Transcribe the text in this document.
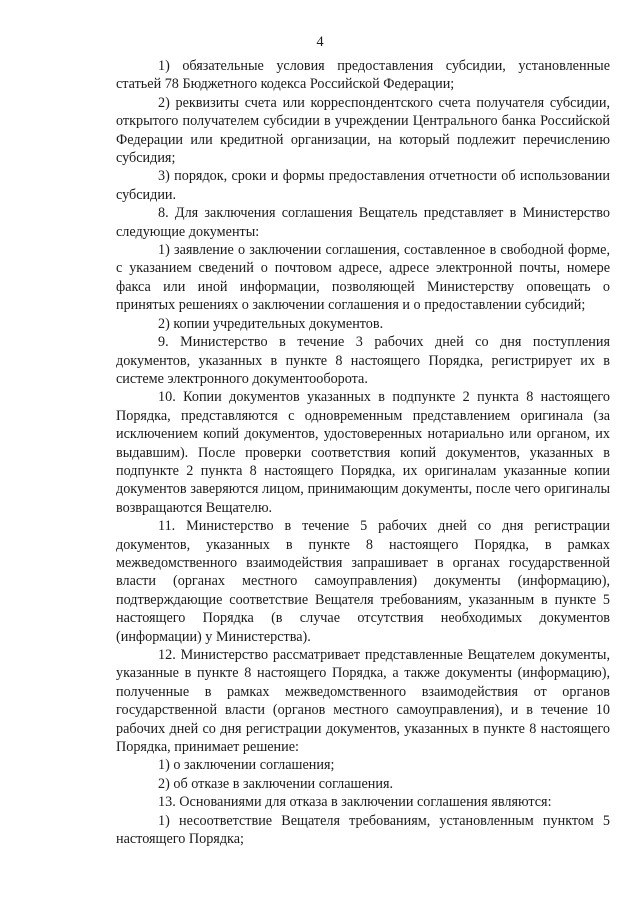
4

1) обязательные условия предоставления субсидии, установленные статьей 78 Бюджетного кодекса Российской Федерации;

2) реквизиты счета или корреспондентского счета получателя субсидии, открытого получателем субсидии в учреждении Центрального банка Российской Федерации или кредитной организации, на который подлежит перечислению субсидия;

3) порядок, сроки и формы предоставления отчетности об использовании субсидии.

8. Для заключения соглашения Вещатель представляет в Министерство следующие документы:

1) заявление о заключении соглашения, составленное в свободной форме, с указанием сведений о почтовом адресе, адресе электронной почты, номере факса или иной информации, позволяющей Министерству оповещать о принятых решениях о заключении соглашения и о предоставлении субсидий;

2) копии учредительных документов.

9. Министерство в течение 3 рабочих дней со дня поступления документов, указанных в пункте 8 настоящего Порядка, регистрирует их в системе электронного документооборота.

10. Копии документов указанных в подпункте 2 пункта 8 настоящего Порядка, представляются с одновременным представлением оригинала (за исключением копий документов, удостоверенных нотариально или органом, их выдавшим). После проверки соответствия копий документов, указанных в подпункте 2 пункта 8 настоящего Порядка, их оригиналам указанные копии документов заверяются лицом, принимающим документы, после чего оригиналы возвращаются Вещателю.

11. Министерство в течение 5 рабочих дней со дня регистрации документов, указанных в пункте 8 настоящего Порядка, в рамках межведомственного взаимодействия запрашивает в органах государственной власти (органах местного самоуправления) документы (информацию), подтверждающие соответствие Вещателя требованиям, указанным в пункте 5 настоящего Порядка (в случае отсутствия необходимых документов (информации) у Министерства).

12. Министерство рассматривает представленные Вещателем документы, указанные в пункте 8 настоящего Порядка, а также документы (информацию), полученные в рамках межведомственного взаимодействия от органов государственной власти (органов местного самоуправления), и в течение 10 рабочих дней со дня регистрации документов, указанных в пункте 8 настоящего Порядка, принимает решение:

1) о заключении соглашения;

2) об отказе в заключении соглашения.

13. Основаниями для отказа в заключении соглашения являются:

1) несоответствие Вещателя требованиям, установленным пунктом 5 настоящего Порядка;
